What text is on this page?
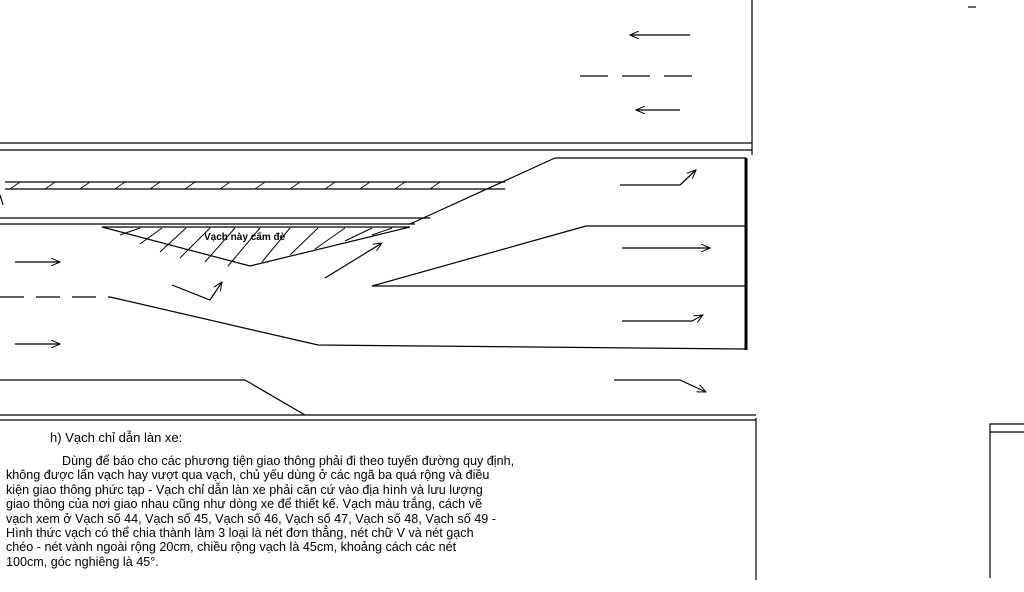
Vạch này cấm đè
h) Vạch chỉ dẫn làn xe:
Dùng để báo cho các phương tiện giao thông phải đi theo tuyến đường quy định,
không được lấn vạch hay vượt qua vạch, chủ yếu dùng ở các ngã ba quá rộng và điều
kiện giao thông phức tạp - Vạch chỉ dẫn làn xe phải căn cứ vào địa hình và lưu lượng
giao thông của nơi giao nhau cũng như dòng xe để thiết kế. Vạch màu trắng, cách vẽ
vạch xem ở Vạch số 44, Vạch số 45, Vạch số 46, Vạch số 47, Vạch số 48, Vạch số 49 -
Hình thức vạch có thể chia thành làm 3 loại là nét đơn thẳng, nét chữ V và nét gạch
chéo - nét vành ngoài rộng 20cm, chiều rộng vạch là 45cm, khoảng cách các nét
100cm, góc nghiêng là 45°.
